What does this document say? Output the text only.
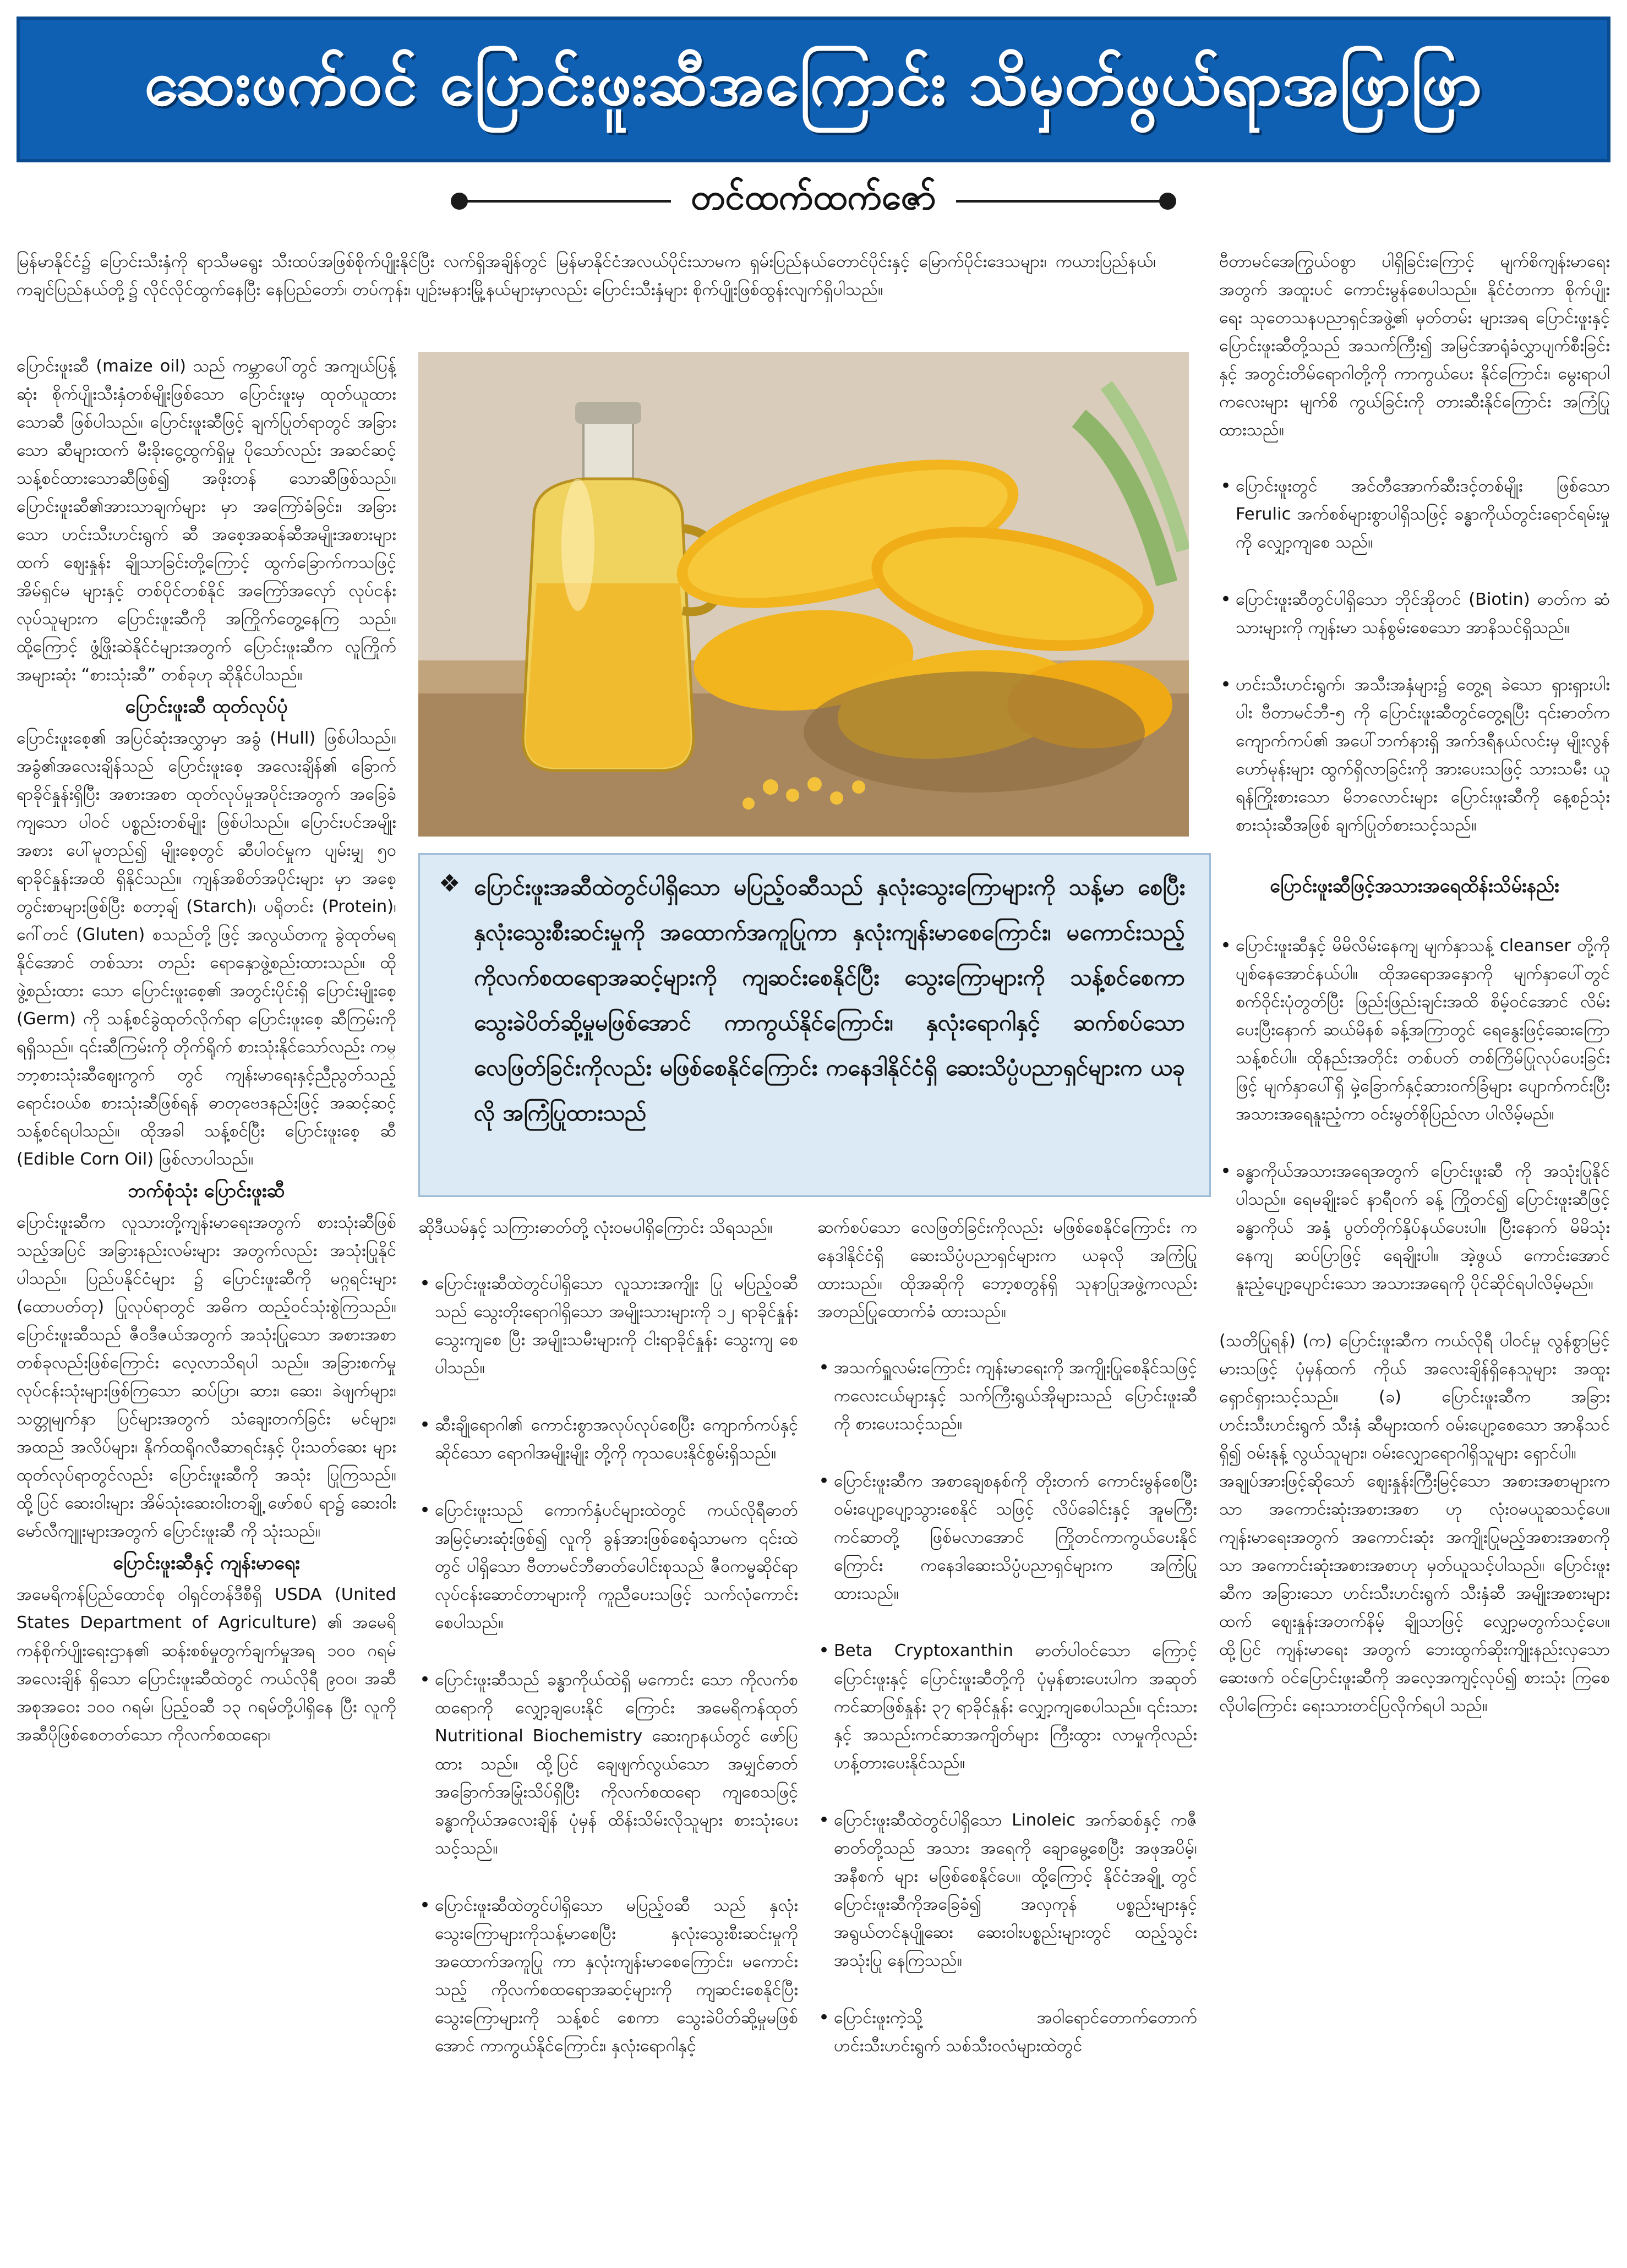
ဆေးဖက်ဝင် ပြောင်းဖူးဆီအကြောင်း သိမှတ်ဖွယ်ရာအဖြာဖြာ
တင်ထက်ထက်ဇော်
မြန်မာနိုင်ငံ၌ ပြောင်းသီးနှံကို ရာသီမရွေး သီးထပ်အဖြစ်စိုက်ပျိုးနိုင်ပြီး လက်ရှိအချိန်တွင် မြန်မာနိုင်ငံအလယ်ပိုင်းသာမက ရှမ်းပြည်နယ်တောင်ပိုင်းနှင့် မြောက်ပိုင်းဒေသများ၊ ကယားပြည်နယ်၊ ကချင်ပြည်နယ်တို့၌ လိုင်လိုင်ထွက်နေပြီး နေပြည်တော်၊ တပ်ကုန်း၊ ပျဉ်းမနားမြို့နယ်များမှာလည်း ပြောင်းသီးနှံများ စိုက်ပျိုးဖြစ်ထွန်းလျက်ရှိပါသည်။
ပြောင်းဖူးဆီ (maize oil) သည် ကမ္ဘာပေါ်တွင် အကျယ်ပြန့်ဆုံး စိုက်ပျိုးသီးနှံတစ်မျိုးဖြစ်သော ပြောင်းဖူးမှ ထုတ်ယူထားသောဆီ ဖြစ်ပါသည်။ ပြောင်းဖူးဆီဖြင့် ချက်ပြုတ်ရာတွင် အခြားသော ဆီများထက် မီးခိုးငွေ့ထွက်ရှိမှု ပိုသော်လည်း အဆင်ဆင့်သန့်စင်ထားသောဆီဖြစ်၍ အဖိုးတန် သောဆီဖြစ်သည်။ ပြောင်းဖူးဆီ၏အားသာချက်များ မှာ အကြော်ခံခြင်း၊ အခြားသော ဟင်းသီးဟင်းရွက် ဆီ အစေ့အဆန်ဆီအမျိုးအစားများထက် ဈေးနှုန်း ချိုသာခြင်းတို့ကြောင့် ထွက်ခြောက်ကသဖြင့် အိမ်ရှင်မ များနှင့် တစ်ပိုင်တစ်နိုင် အကြော်အလှော် လုပ်ငန်း လုပ်သူများက ပြောင်းဖူးဆီကို အကြိုက်တွေ့နေကြ သည်။ ထို့ကြောင့် ဖွံ့ဖြိုးဆဲနိုင်ငံများအတွက် ပြောင်းဖူးဆီက လူကြိုက်အများဆုံး “စားသုံးဆီ” တစ်ခုဟု ဆိုနိုင်ပါသည်။
ပြောင်းဖူးဆီ ထုတ်လုပ်ပုံ
ပြောင်းဖူးစေ့၏ အပြင်ဆုံးအလွှာမှာ အခွံ (Hull) ဖြစ်ပါသည်။ အခွံ၏အလေးချိန်သည် ပြောင်းဖူးစေ့ အလေးချိန်၏ ခြောက်ရာခိုင်နှုန်းရှိပြီး အစားအစာ ထုတ်လုပ်မှုအပိုင်းအတွက် အခြေခံကျသော ပါဝင် ပစ္စည်းတစ်မျိုး ဖြစ်ပါသည်။ ပြောင်းပင်အမျိုးအစား ပေါ်မူတည်၍ မျိုးစေ့တွင် ဆီပါဝင်မှုက ပျမ်းမျှ ၅၀ ရာခိုင်နှုန်းအထိ ရှိနိုင်သည်။ ကျန်အစိတ်အပိုင်းများ မှာ အစေ့တွင်းစာများဖြစ်ပြီး စတာ့ချ် (Starch)၊ ပရိုတင်း (Protein)၊ ဂေါ်တင် (Gluten) စသည်တို့ ဖြင့် အလွယ်တကူ ခွဲထုတ်မရနိုင်အောင် တစ်သား တည်း ရောနှောဖွဲ့စည်းထားသည်။ ထိုဖွဲ့စည်းထား သော ပြောင်းဖူးစေ့၏ အတွင်းပိုင်းရှိ ပြောင်းမျိုးစေ့ (Germ) ကို သန့်စင်ခွဲထုတ်လိုက်ရာ ပြောင်းဖူးစေ့ ဆီကြမ်းကို ရရှိသည်။ ၎င်းဆီကြမ်းကို တိုက်ရိုက် စားသုံးနိုင်သော်လည်း ကမ္ဘာ့စားသုံးဆီဈေးကွက် တွင် ကျန်းမာရေးနှင့်ညီညွတ်သည့် ရောင်းဝယ်စ စားသုံးဆီဖြစ်ရန် ဓာတုဗေဒနည်းဖြင့် အဆင့်ဆင့် သန့်စင်ရပါသည်။ ထိုအခါ သန့်စင်ပြီး ပြောင်းဖူးစေ့ ဆီ (Edible Corn Oil) ဖြစ်လာပါသည်။
ဘက်စုံသုံး ပြောင်းဖူးဆီ
ပြောင်းဖူးဆီက လူသားတို့ကျန်းမာရေးအတွက် စားသုံးဆီဖြစ်သည့်အပြင် အခြားနည်းလမ်းများ အတွက်လည်း အသုံးပြုနိုင်ပါသည်။ ပြည်ပနိုင်ငံများ ၌ ပြောင်းဖူးဆီကို မဂ္ဂရင်းများ (ထောပတ်တု) ပြုလုပ်ရာတွင် အဓိက ထည့်ဝင်သုံးစွဲကြသည်။ ပြောင်းဖူးဆီသည် ဇီဝဒီဇယ်အတွက် အသုံးပြုသော အစားအစာတစ်ခုလည်းဖြစ်ကြောင်း လေ့လာသိရပါ သည်။ အခြားစက်မှုလုပ်ငန်းသုံးများဖြစ်ကြသော ဆပ်ပြာ၊ ဆား၊ ဆေး၊ ခဲဖျက်များ၊ သတ္တုမျက်နှာ ပြင်များအတွက် သံချေးတက်ခြင်း မင်များ၊ အထည် အလိပ်များ၊ နိုက်ထရိုဂလီဆာရင်းနှင့် ပိုးသတ်ဆေး များ ထုတ်လုပ်ရာတွင်လည်း ပြောင်းဖူးဆီကို အသုံး ပြုကြသည်။ ထို့ပြင် ဆေးဝါးများ အိမ်သုံးဆေးဝါးတချို့ ဖော်စပ် ရာ၌ ဆေးဝါးမော်လီကျူးများအတွက် ပြောင်းဖူးဆီ ကို သုံးသည်။
ပြောင်းဖူးဆီနှင့် ကျန်းမာရေး
အမေရိကန်ပြည်ထောင်စု ဝါရှင်တန်ဒီစီရှိ USDA (United States Department of Agriculture) ၏ အမေရိကန်စိုက်ပျိုးရေးဌာန၏ ဆန်းစစ်မှုတွက်ချက်မှုအရ ၁၀၀ ဂရမ်အလေးချိန် ရှိသော ပြောင်းဖူးဆီထဲတွင် ကယ်လိုရီ ၉၀၀၊ အဆီ အစုအဝေး ၁၀၀ ဂရမ်၊ ပြည့်ဝဆီ ၁၃ ဂရမ်တို့ပါရှိနေ ပြီး လူကိုအဆီပိုဖြစ်စေတတ်သော ကိုလက်စထရော၊
❖ ပြောင်းဖူးအဆီထဲတွင်ပါရှိသော မပြည့်ဝဆီသည် နှလုံးသွေးကြောများကို သန့်မာ စေပြီး နှလုံးသွေးစီးဆင်းမှုကို အထောက်အကူပြုကာ နှလုံးကျန်းမာစေကြောင်း၊ မကောင်းသည့် ကိုလက်စထရောအဆင့်များကို ကျဆင်းစေနိုင်ပြီး သွေးကြောများကို သန့်စင်စေကာ သွေးခဲပိတ်ဆို့မှုမဖြစ်အောင် ကာကွယ်နိုင်ကြောင်း၊ နှလုံးရောဂါနှင့် ဆက်စပ်သော လေဖြတ်ခြင်းကိုလည်း မဖြစ်စေနိုင်ကြောင်း ကနေဒါနိုင်ငံရှိ ဆေးသိပ္ပံပညာရှင်များက ယခုလို အကြံပြုထားသည်
ဆိုဒီယမ်နှင့် သကြားဓာတ်တို့ လုံးဝမပါရှိကြောင်း သိရသည်။

• ပြောင်းဖူးဆီထဲတွင်ပါရှိသော လူသားအကျိုး ပြု မပြည့်ဝဆီသည် သွေးတိုးရောဂါရှိသော အမျိုးသားများကို ၁၂ ရာခိုင်နှုန်း သွေးကျစေ ပြီး အမျိုးသမီးများကို ငါးရာခိုင်နှုန်း သွေးကျ စေပါသည်။

• ဆီးချိုရောဂါ၏ ကောင်းစွာအလုပ်လုပ်စေပြီး ကျောက်ကပ်နှင့်ဆိုင်သော ရောဂါအမျိုးမျိုး တို့ကို ကုသပေးနိုင်စွမ်းရှိသည်။

• ပြောင်းဖူးသည် ကောက်နှံပင်များထဲတွင် ကယ်လိုရီဓာတ် အမြင့်မားဆုံးဖြစ်၍ လူကို ခွန်အားဖြစ်စေရုံသာမက ၎င်းထဲတွင် ပါရှိသော ဗီတာမင်ဘီဓာတ်ပေါင်းစုသည် ဇီဝကမ္မဆိုင်ရာ လုပ်ငန်းဆောင်တာများကို ကူညီပေးသဖြင့် သက်လုံကောင်းစေပါသည်။

• ပြောင်းဖူးဆီသည် ခန္ဓာကိုယ်ထဲရှိ မကောင်း သော ကိုလက်စထရောကို လျှော့ချပေးနိုင် ကြောင်း အမေရိကန်ထုတ် Nutritional Biochemistry ဆေးဂျာနယ်တွင် ဖော်ပြထား သည်။ ထို့ပြင် ချေဖျက်လွယ်သော အမျှင်ဓာတ် အခြောက်အမြုံးသိပ်ရှိပြီး ကိုလက်စထရော ကျစေသဖြင့် ခန္ဓာကိုယ်အလေးချိန် ပုံမှန် ထိန်းသိမ်းလိုသူများ စားသုံးပေးသင့်သည်။

• ပြောင်းဖူးဆီထဲတွင်ပါရှိသော မပြည့်ဝဆီ သည် နှလုံးသွေးကြောများကိုသန့်မာစေပြီး နှလုံးသွေးစီးဆင်းမှုကို အထောက်အကူပြု ကာ နှလုံးကျန်းမာစေကြောင်း၊ မကောင်း သည့် ကိုလက်စထရောအဆင့်များကို ကျဆင်းစေနိုင်ပြီး သွေးကြောများကို သန့်စင် စေကာ သွေးခဲပိတ်ဆို့မှုမဖြစ်အောင် ကာကွယ်နိုင်ကြောင်း၊ နှလုံးရောဂါနှင့်

ဆက်စပ်သော လေဖြတ်ခြင်းကိုလည်း မဖြစ်စေနိုင်ကြောင်း ကနေဒါနိုင်ငံရှိ ဆေးသိပ္ပံပညာရှင်များက ယခုလို အကြံပြု ထားသည်။ ထိုအဆိုကို ဘော့စတွန်ရှိ သုနာပြုအဖွဲ့ကလည်း အတည်ပြုထောက်ခံ ထားသည်။

• အသက်ရှူလမ်းကြောင်း ကျန်းမာရေးကို အကျိုးပြုစေနိုင်သဖြင့် ကလေးငယ်များနှင့် သက်ကြီးရွယ်အိုများသည် ပြောင်းဖူးဆီကို စားပေးသင့်သည်။

• ပြောင်းဖူးဆီက အစာချေစနစ်ကို တိုးတက် ကောင်းမွန်စေပြီး ဝမ်းပျော့ပျော့သွားစေနိုင် သဖြင့် လိပ်ခေါင်းနှင့် အူမကြီးကင်ဆာတို့ ဖြစ်မလာအောင် ကြိုတင်ကာကွယ်ပေးနိုင် ကြောင်း ကနေဒါဆေးသိပ္ပံပညာရှင်များက အကြံပြုထားသည်။

• Beta Cryptoxanthin ဓာတ်ပါဝင်သော ကြောင့် ပြောင်းဖူးနှင့် ပြောင်းဖူးဆီတို့ကို ပုံမှန်စားပေးပါက အဆုတ်ကင်ဆာဖြစ်နှုန်း ၃၇ ရာခိုင်နှုန်း လျှော့ကျစေပါသည်။ ၎င်းသား နှင့် အသည်းကင်ဆာအကျိတ်များ ကြီးထွား လာမှုကိုလည်း ဟန့်တားပေးနိုင်သည်။

• ပြောင်းဖူးဆီထဲတွင်ပါရှိသော Linoleic အက်ဆစ်နှင့် ကဇီဓာတ်တို့သည် အသား အရေကို ချောမွေ့စေပြီး အဖုအပိမ့်၊ အနီစက် များ မဖြစ်စေနိုင်ပေ။ ထို့ကြောင့် နိုင်ငံအချို့ တွင် ပြောင်းဖူးဆီကိုအခြေခံ၍ အလှကုန် ပစ္စည်းများနှင့် အရွယ်တင်နုပျိုဆေး ဆေးဝါးပစ္စည်းများတွင် ထည့်သွင်းအသုံးပြု နေကြသည်။

• ပြောင်းဖူးကဲ့သို့ အဝါရောင်တောက်တောက် ဟင်းသီးဟင်းရွက် သစ်သီးဝလံများထဲတွင်

ဗီတာမင်အေကြွယ်ဝစွာ ပါရှိခြင်းကြောင့် မျက်စိကျန်းမာရေးအတွက် အထူးပင် ကောင်းမွန်စေပါသည်။ နိုင်ငံတကာ စိုက်ပျိုး ရေး သုတေသနပညာရှင်အဖွဲ့၏ မှတ်တမ်း များအရ ပြောင်းဖူးနှင့် ပြောင်းဖူးဆီတို့သည် အသက်ကြီး၍ အမြင်အာရုံခံလွှာပျက်စီးခြင်း နှင့် အတွင်းတိမ်ရောဂါတို့ကို ကာကွယ်ပေး နိုင်ကြောင်း၊ မွေးရာပါကလေးများ မျက်စိ ကွယ်ခြင်းကို တားဆီးနိုင်ကြောင်း အကြံပြု ထားသည်။

• ပြောင်းဖူးတွင် အင်တီအောက်ဆီးဒင့်တစ်မျိုး ဖြစ်သော Ferulic အက်စစ်များစွာပါရှိသဖြင့် ခန္ဓာကိုယ်တွင်းရောင်ရမ်းမှုကို လျှော့ကျစေ သည်။

• ပြောင်းဖူးဆီတွင်ပါရှိသော ဘိုင်အိုတင် (Biotin) ဓာတ်က ဆံသားများကို ကျန်းမာ သန်စွမ်းစေသော အာနိသင်ရှိသည်။

• ဟင်းသီးဟင်းရွက်၊ အသီးအနှံများ၌ တွေ့ရ ခဲသော ရှားရှားပါးပါး ဗီတာမင်ဘီ-၅ ကို ပြောင်းဖူးဆီတွင်တွေ့ရပြီး ၎င်းဓာတ်က ကျောက်ကပ်၏ အပေါ်ဘက်နားရှိ အက်ဒရီနယ်လင်းမှ မျိုးလွန်ဟော်မုန်းများ ထွက်ရှိလာခြင်းကို အားပေးသဖြင့် သားသမီး ယူရန်ကြိုးစားသော မိဘလောင်းများ ပြောင်းဖူးဆီကို နေ့စဉ်သုံး စားသုံးဆီအဖြစ် ချက်ပြုတ်စားသင့်သည်။

ပြောင်းဖူးဆီဖြင့်အသားအရေထိန်းသိမ်းနည်း

• ပြောင်းဖူးဆီနှင့် မိမိလိမ်းနေကျ မျက်နှာသန့် cleanser တို့ကို ပျစ်နေအောင်နယ်ပါ။ ထိုအရောအနှောကို မျက်နှာပေါ်တွင် စက်ဝိုင်းပုံတွတ်ပြီး ဖြည်းဖြည်းချင်းအထိ စိမ့်ဝင်အောင် လိမ်းပေးပြီးနောက် ဆယ်မိနစ် ခန့်အကြာတွင် ရေနွေးဖြင့်ဆေးကြော သန့်စင်ပါ။ ထိုနည်းအတိုင်း တစ်ပတ် တစ်ကြိမ်ပြုလုပ်ပေးခြင်းဖြင့် မျက်နှာပေါ်ရှိ မှဲ့ခြောက်နှင့်ဆားဝက်ခြံများ ပျောက်ကင်းပြီး အသားအရေနူးညံ့ကာ ဝင်းမွတ်စိုပြည်လာ ပါလိမ့်မည်။

• ခန္ဓာကိုယ်အသားအရေအတွက် ပြောင်းဖူးဆီ ကို အသုံးပြုနိုင်ပါသည်။ ရေမချိုးခင် နာရီဝက် ခန့် ကြိုတင်၍ ပြောင်းဖူးဆီဖြင့် ခန္ဓာကိုယ် အနှံ့ ပွတ်တိုက်နှိပ်နယ်ပေးပါ။ ပြီးနောက် မိမိသုံးနေကျ ဆပ်ပြာဖြင့် ရေချိုးပါ။ အဲ့ဖွယ် ကောင်းအောင် နူးညံ့ပျော့ပျောင်းသော အသားအရေကို ပိုင်ဆိုင်ရပါလိမ့်မည်။

(သတိပြုရန်) (က) ပြောင်းဖူးဆီက ကယ်လိုရီ ပါဝင်မှု လွန်စွာမြင့်မားသဖြင့် ပုံမှန်ထက် ကိုယ် အလေးချိန်ရှိနေသူများ အထူးရှောင်ရှားသင့်သည်။ (ခ) ပြောင်းဖူးဆီက အခြားဟင်းသီးဟင်းရွက် သီးနှံ ဆီများထက် ဝမ်းပျော့စေသော အာနိသင်ရှိ၍ ဝမ်းနုန့် လွယ်သူများ၊ ဝမ်းလျှောရောဂါရှိသူများ ရှောင်ပါ။
အချုပ်အားဖြင့်ဆိုသော် ဈေးနှုန်းကြီးမြင့်သော အစားအစာများကသာ အကောင်းဆုံးအစားအစာ ဟု လုံးဝမယူဆသင့်ပေ။ ကျန်းမာရေးအတွက် အကောင်းဆုံး အကျိုးပြုမည့်အစားအစာကိုသာ အကောင်းဆုံးအစားအစာဟု မှတ်ယူသင့်ပါသည်။ ပြောင်းဖူးဆီက အခြားသော ဟင်းသီးဟင်းရွက် သီးနှံဆီ အမျိုးအစားများထက် ဈေးနှုန်းအတက်နိမ့် ချိုသာဖြင့် လျှော့မတွက်သင့်ပေ။ ထို့ပြင် ကျန်းမာရေး အတွက် ဘေးထွက်ဆိုးကျိုးနည်းလှသော ဆေးဖက် ဝင်ပြောင်းဖူးဆီကို အလေ့အကျင့်လုပ်၍ စားသုံး ကြစေလိုပါကြောင်း ရေးသားတင်ပြလိုက်ရပါ သည်။
